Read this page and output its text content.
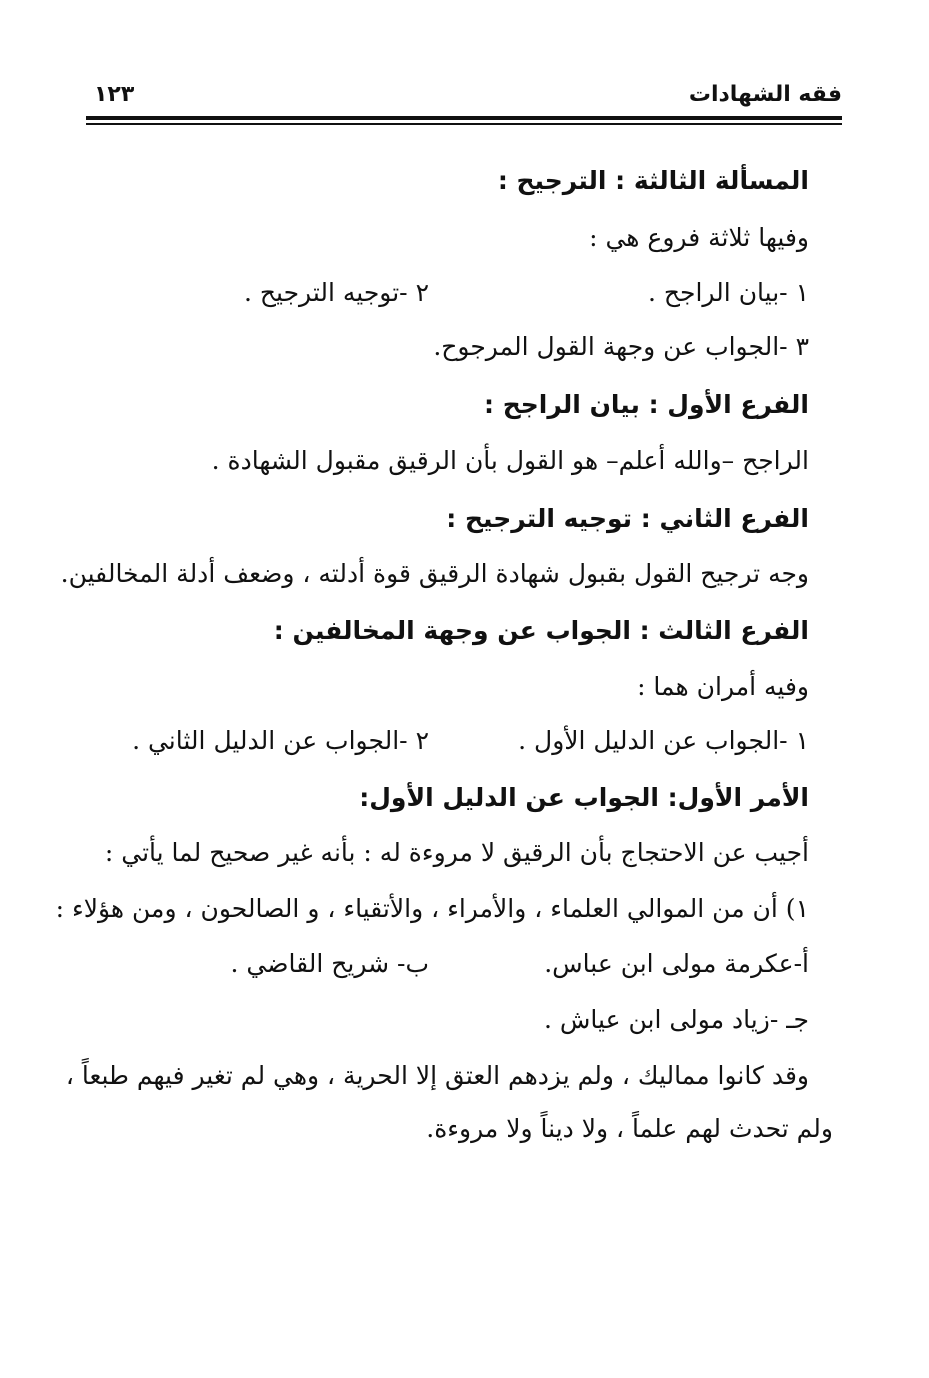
فقه الشهادات
١٢٣
المسألة الثالثة : الترجيح :
وفيها ثلاثة فروع هي :
١ -بيان الراجح .
٢ -توجيه الترجيح .
٣ -الجواب عن وجهة القول المرجوح.
الفرع الأول : بيان الراجح :
الراجح –والله أعلم– هو القول بأن الرقيق مقبول الشهادة .
الفرع الثاني : توجيه الترجيح :
وجه ترجيح القول بقبول شهادة الرقيق قوة أدلته ، وضعف أدلة المخالفين.
الفرع الثالث : الجواب عن وجهة المخالفين :
وفيه أمران هما :
١ -الجواب عن الدليل الأول .
٢ -الجواب عن الدليل الثاني .
الأمر الأول: الجواب عن الدليل الأول:
أجيب عن الاحتجاج بأن الرقيق لا مروءة له : بأنه غير صحيح لما يأتي :
١) أن من الموالي العلماء ، والأمراء ، والأتقياء ، و الصالحون ، ومن هؤلاء :
أ-عكرمة مولى ابن عباس.
ب- شريح القاضي .
جـ -زياد مولى ابن عياش .
وقد كانوا مماليك ، ولم يزدهم العتق إلا الحرية ، وهي لم تغير فيهم طبعاً ،
ولم تحدث لهم علماً ، ولا ديناً ولا مروءة.
